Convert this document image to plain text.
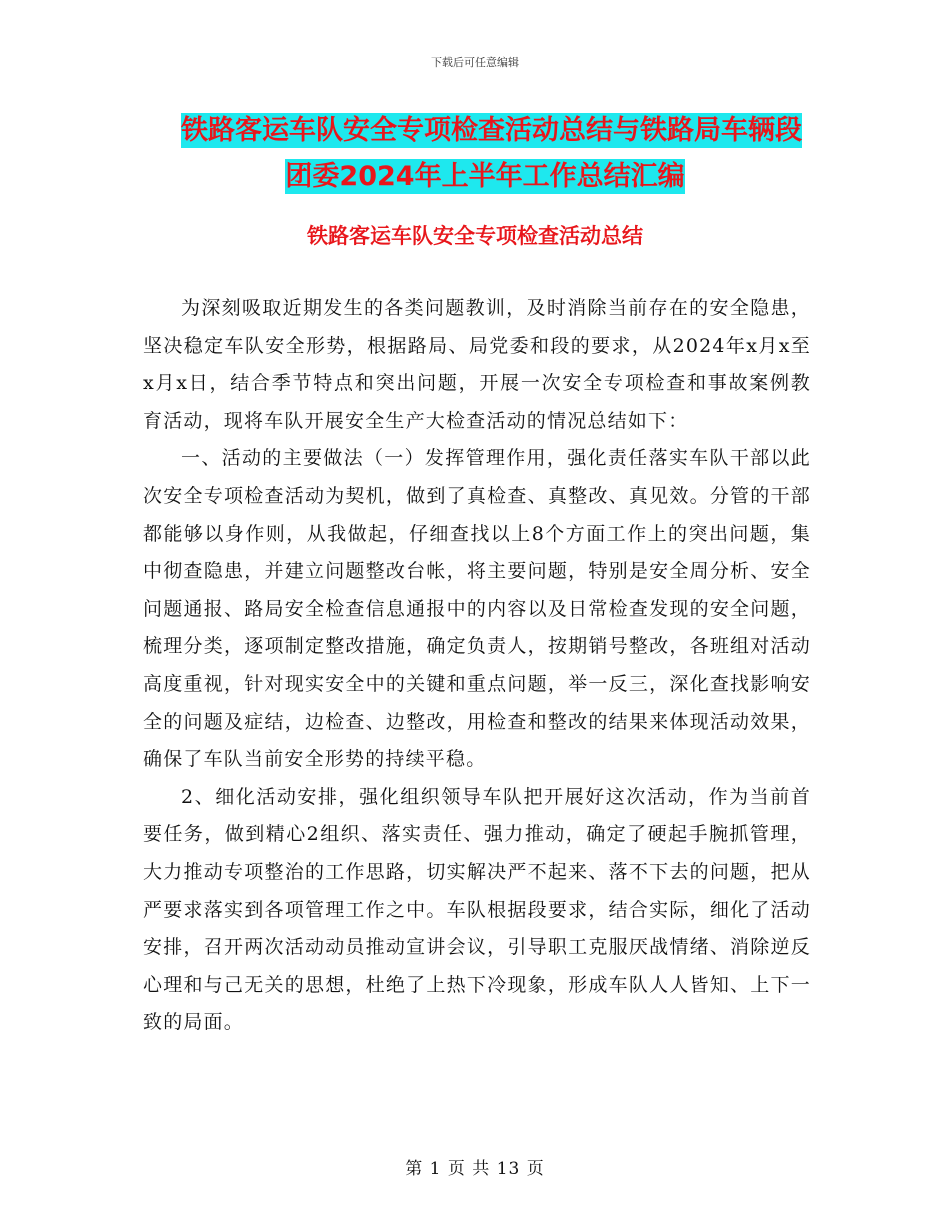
下载后可任意编辑
铁路客运车队安全专项检查活动总结与铁路局车辆段
团委2024年上半年工作总结汇编
铁路客运车队安全专项检查活动总结

为深刻吸取近期发生的各类问题教训，及时消除当前存在的安全隐患，坚决稳定车队安全形势，根据路局、局党委和段的要求，从2024年x月x至x月x日，结合季节特点和突出问题，开展一次安全专项检查和事故案例教育活动，现将车队开展安全生产大检查活动的情况总结如下：

一、活动的主要做法（一）发挥管理作用，强化责任落实车队干部以此次安全专项检查活动为契机，做到了真检查、真整改、真见效。分管的干部都能够以身作则，从我做起，仔细查找以上8个方面工作上的突出问题，集中彻查隐患，并建立问题整改台帐，将主要问题，特别是安全周分析、安全问题通报、路局安全检查信息通报中的内容以及日常检查发现的安全问题，梳理分类，逐项制定整改措施，确定负责人，按期销号整改，各班组对活动高度重视，针对现实安全中的关键和重点问题，举一反三，深化查找影响安全的问题及症结，边检查、边整改，用检查和整改的结果来体现活动效果，确保了车队当前安全形势的持续平稳。

2、细化活动安排，强化组织领导车队把开展好这次活动，作为当前首要任务，做到精心2组织、落实责任、强力推动，确定了硬起手腕抓管理，大力推动专项整治的工作思路，切实解决严不起来、落不下去的问题，把从严要求落实到各项管理工作之中。车队根据段要求，结合实际，细化了活动安排，召开两次活动动员推动宣讲会议，引导职工克服厌战情绪、消除逆反心理和与己无关的思想，杜绝了上热下冷现象，形成车队人人皆知、上下一致的局面。

第 1 页 共 13 页
